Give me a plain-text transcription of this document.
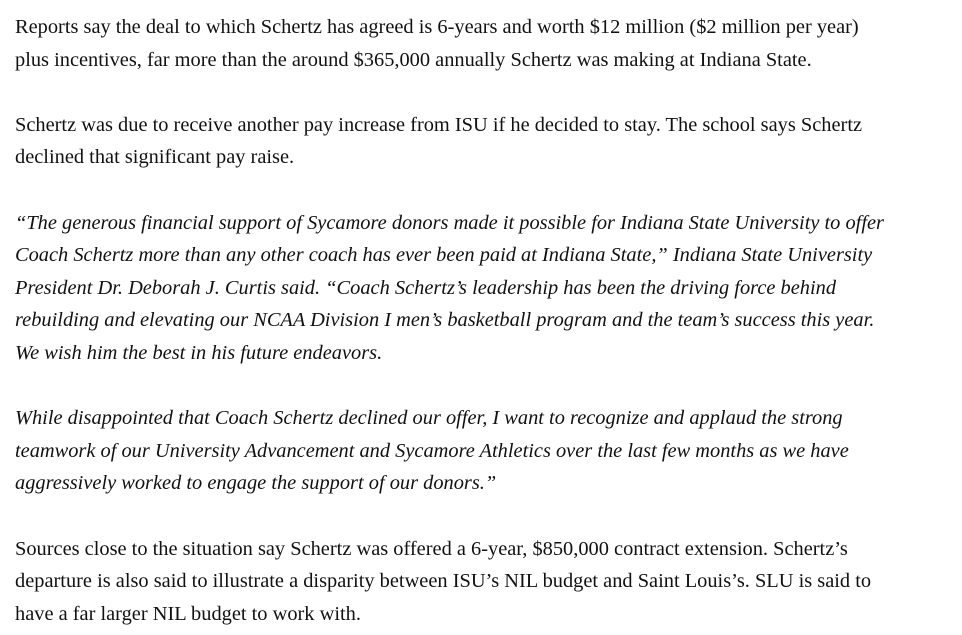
Reports say the deal to which Schertz has agreed is 6-years and worth $12 million ($2 million per year)
plus incentives, far more than the around $365,000 annually Schertz was making at Indiana State.

Schertz was due to receive another pay increase from ISU if he decided to stay. The school says Schertz
declined that significant pay raise.

“The generous financial support of Sycamore donors made it possible for Indiana State University to offer
Coach Schertz more than any other coach has ever been paid at Indiana State,” Indiana State University
President Dr. Deborah J. Curtis said. “Coach Schertz’s leadership has been the driving force behind
rebuilding and elevating our NCAA Division I men’s basketball program and the team’s success this year.
We wish him the best in his future endeavors.

While disappointed that Coach Schertz declined our offer, I want to recognize and applaud the strong
teamwork of our University Advancement and Sycamore Athletics over the last few months as we have
aggressively worked to engage the support of our donors.”

Sources close to the situation say Schertz was offered a 6-year, $850,000 contract extension. Schertz’s
departure is also said to illustrate a disparity between ISU’s NIL budget and Saint Louis’s. SLU is said to
have a far larger NIL budget to work with.
